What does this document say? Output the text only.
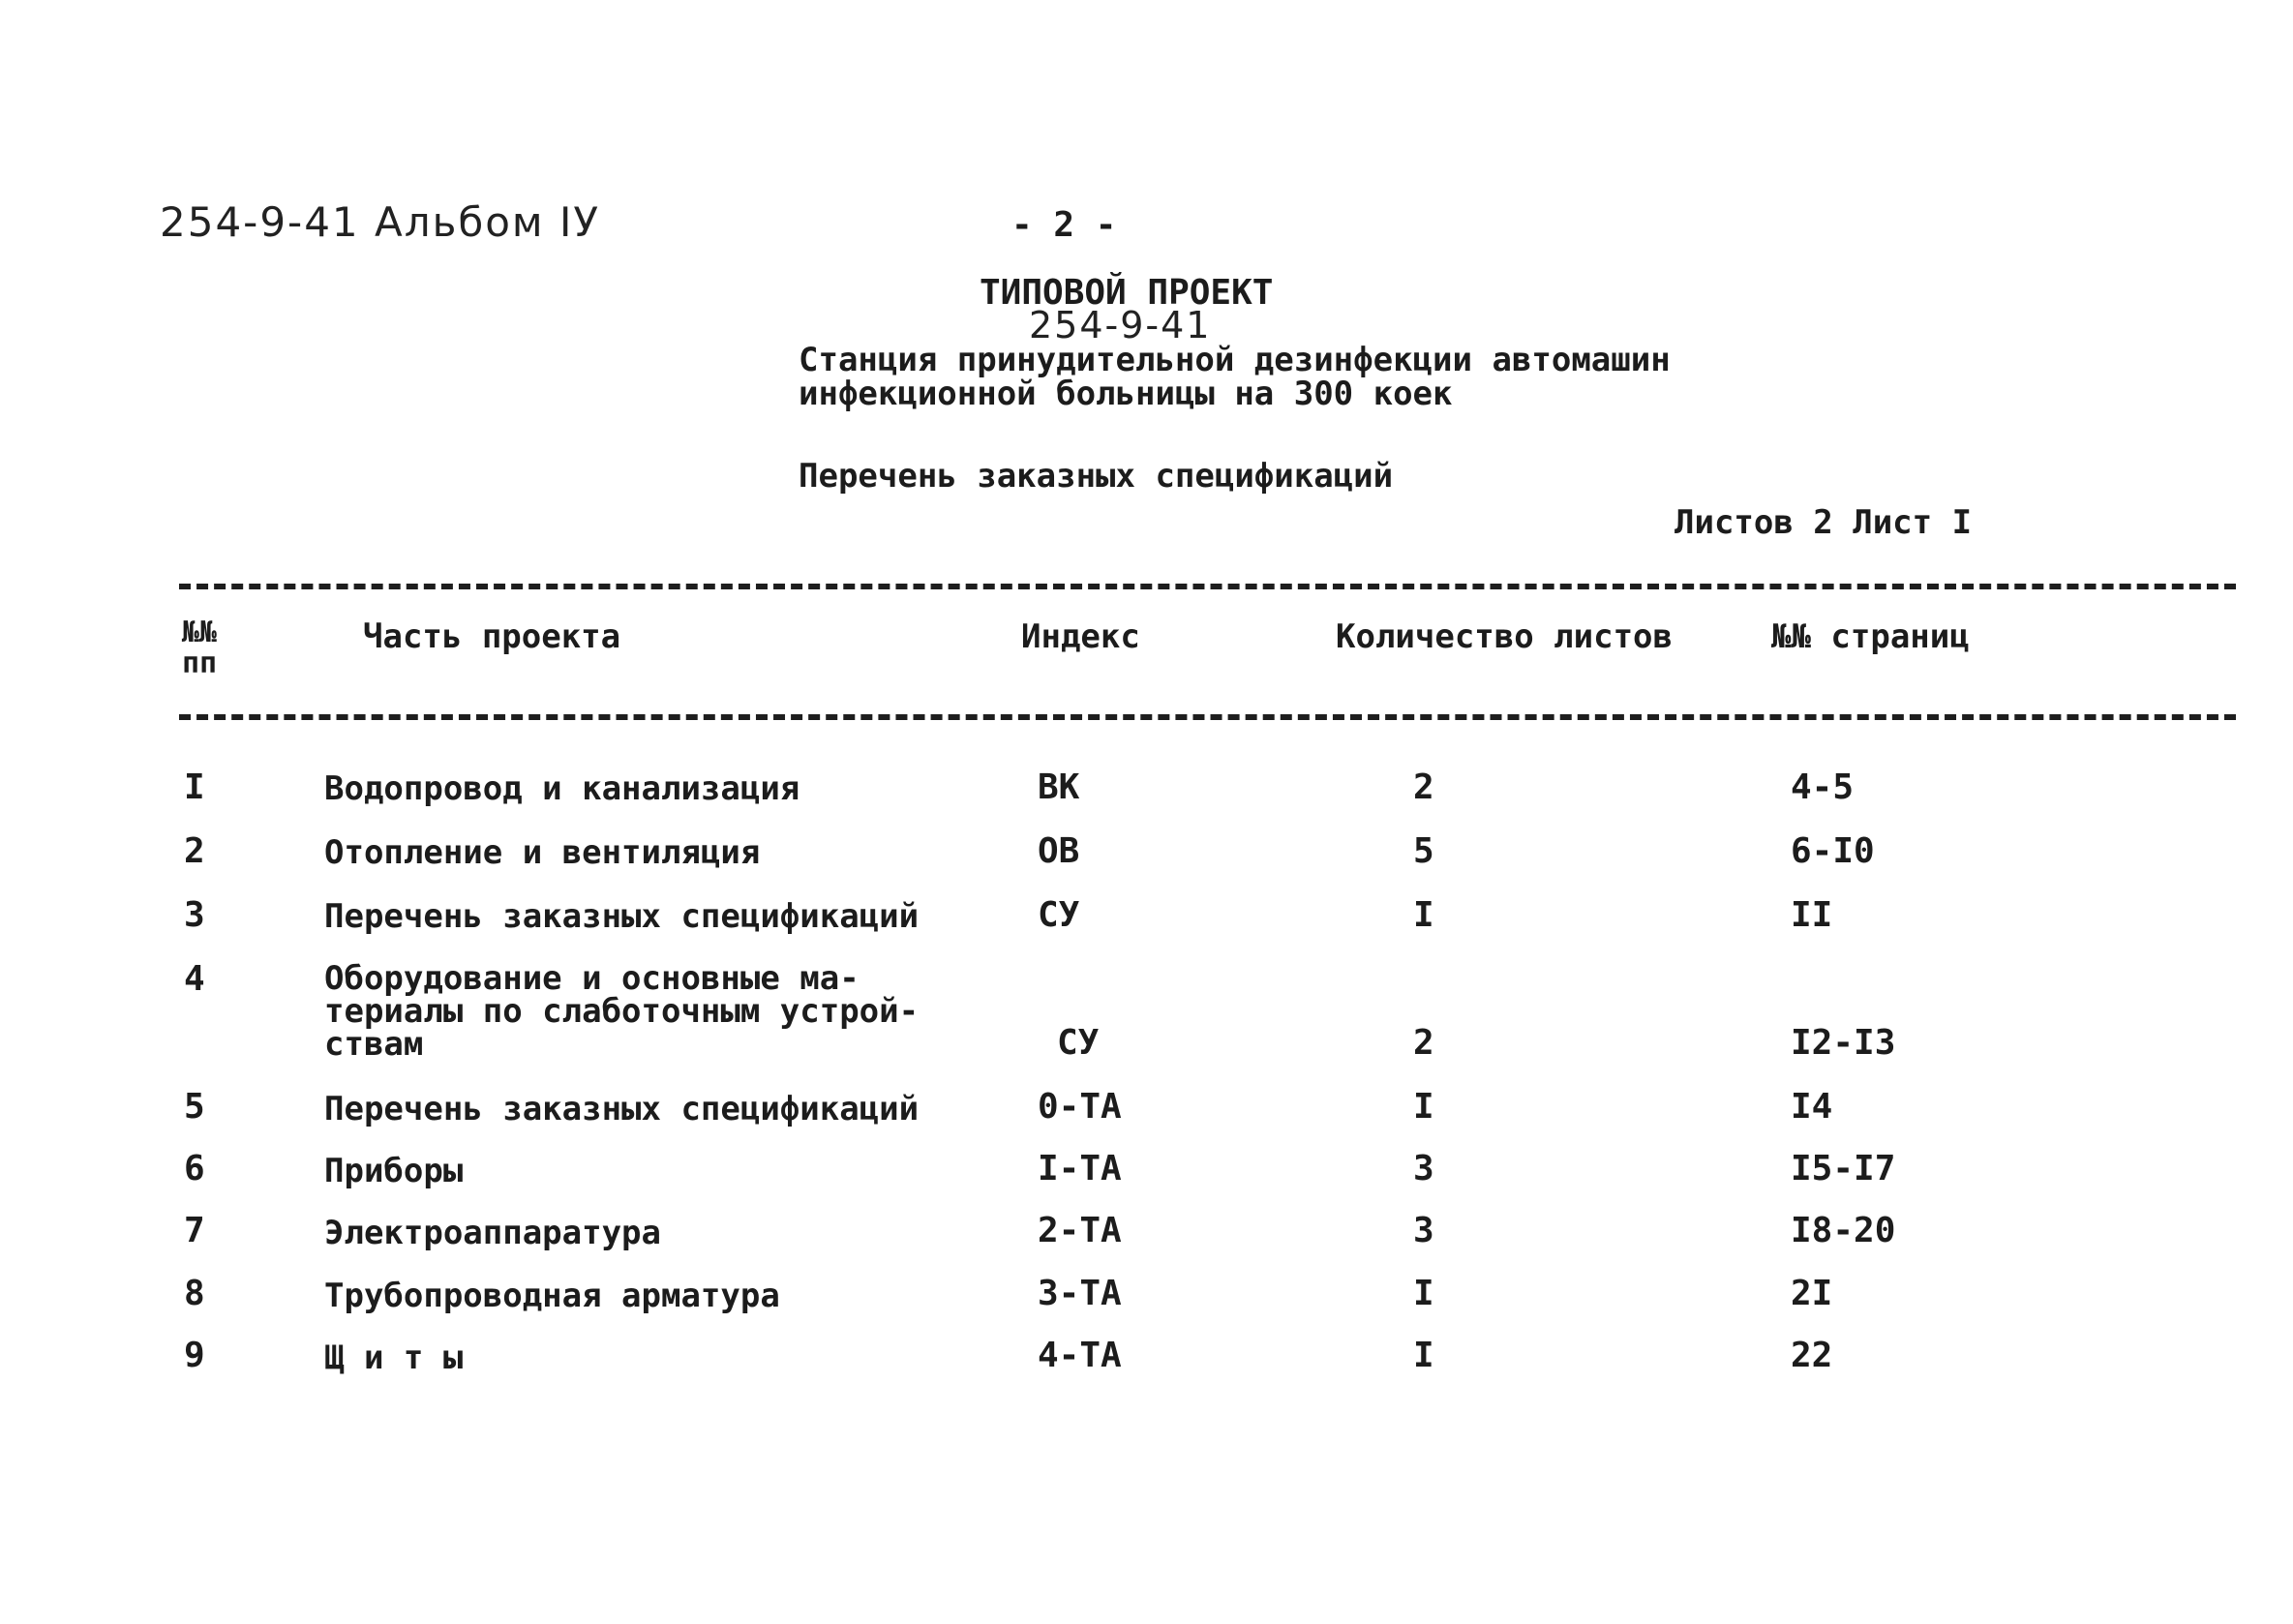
254-9-41 Альбом IУ	- 2 -
ТИПОВОЙ ПРОЕКТ
254-9-41
Станция принудительной дезинфекции автомашин
инфекционной больницы на 300 коек
Перечень заказных спецификаций
Листов 2 Лист I
№№
пп
Часть проекта	Индекс	Количество листов	№№ страниц
I	Водопровод и канализация	ВК	2	4-5
2	Отопление и вентиляция	ОВ	5	6-I0
3	Перечень заказных спецификаций	СУ	I	II
4	Оборудование и основные ма-
териалы по слаботочным устрой-
ствам	СУ	2	I2-I3
5	Перечень заказных спецификаций	0-ТА	I	I4
6	Приборы	I-ТА	3	I5-I7
7	Электроаппаратура	2-ТА	3	I8-20
8	Трубопроводная арматура	3-ТА	I	2I
9	Щ и т ы	4-ТА	I	22
